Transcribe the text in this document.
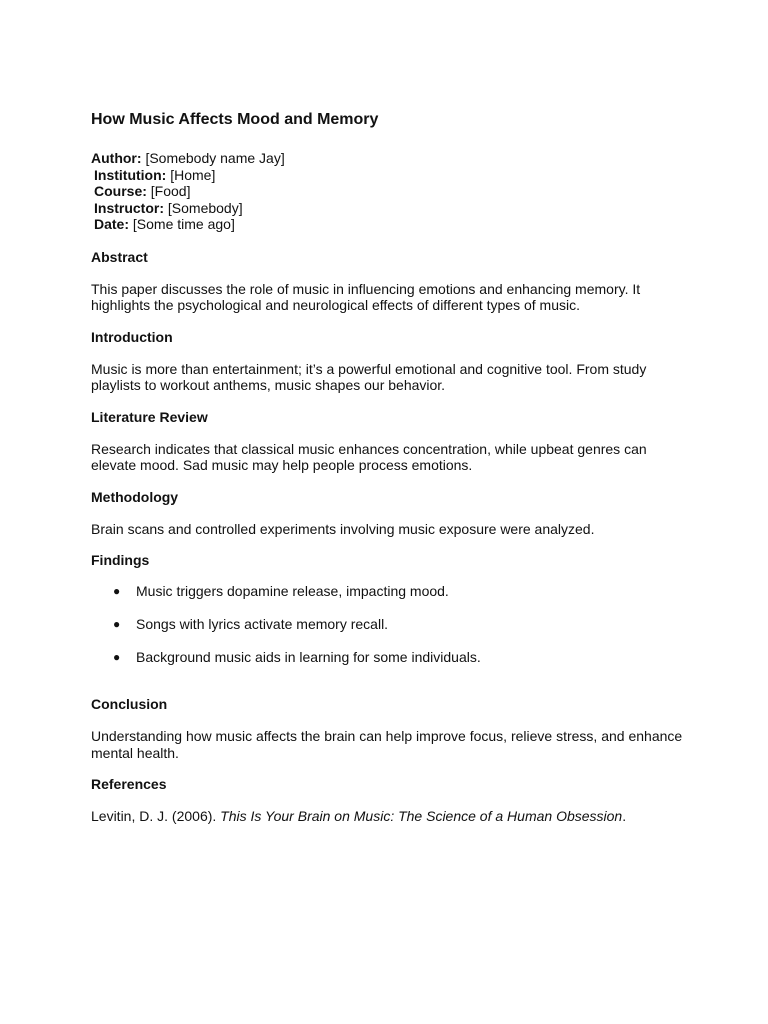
How Music Affects Mood and Memory

Author: [Somebody name Jay]

Institution: [Home]

Course: [Food]

Instructor: [Somebody]

Date: [Some time ago]

Abstract

This paper discusses the role of music in influencing emotions and enhancing memory. It highlights the psychological and neurological effects of different types of music.

Introduction

Music is more than entertainment; it’s a powerful emotional and cognitive tool. From study playlists to workout anthems, music shapes our behavior.

Literature Review

Research indicates that classical music enhances concentration, while upbeat genres can elevate mood. Sad music may help people process emotions.

Methodology

Brain scans and controlled experiments involving music exposure were analyzed.

Findings
● Music triggers dopamine release, impacting mood.
● Songs with lyrics activate memory recall.
● Background music aids in learning for some individuals.
Conclusion

Understanding how music affects the brain can help improve focus, relieve stress, and enhance mental health.

References

Levitin, D. J. (2006). This Is Your Brain on Music: The Science of a Human Obsession.
